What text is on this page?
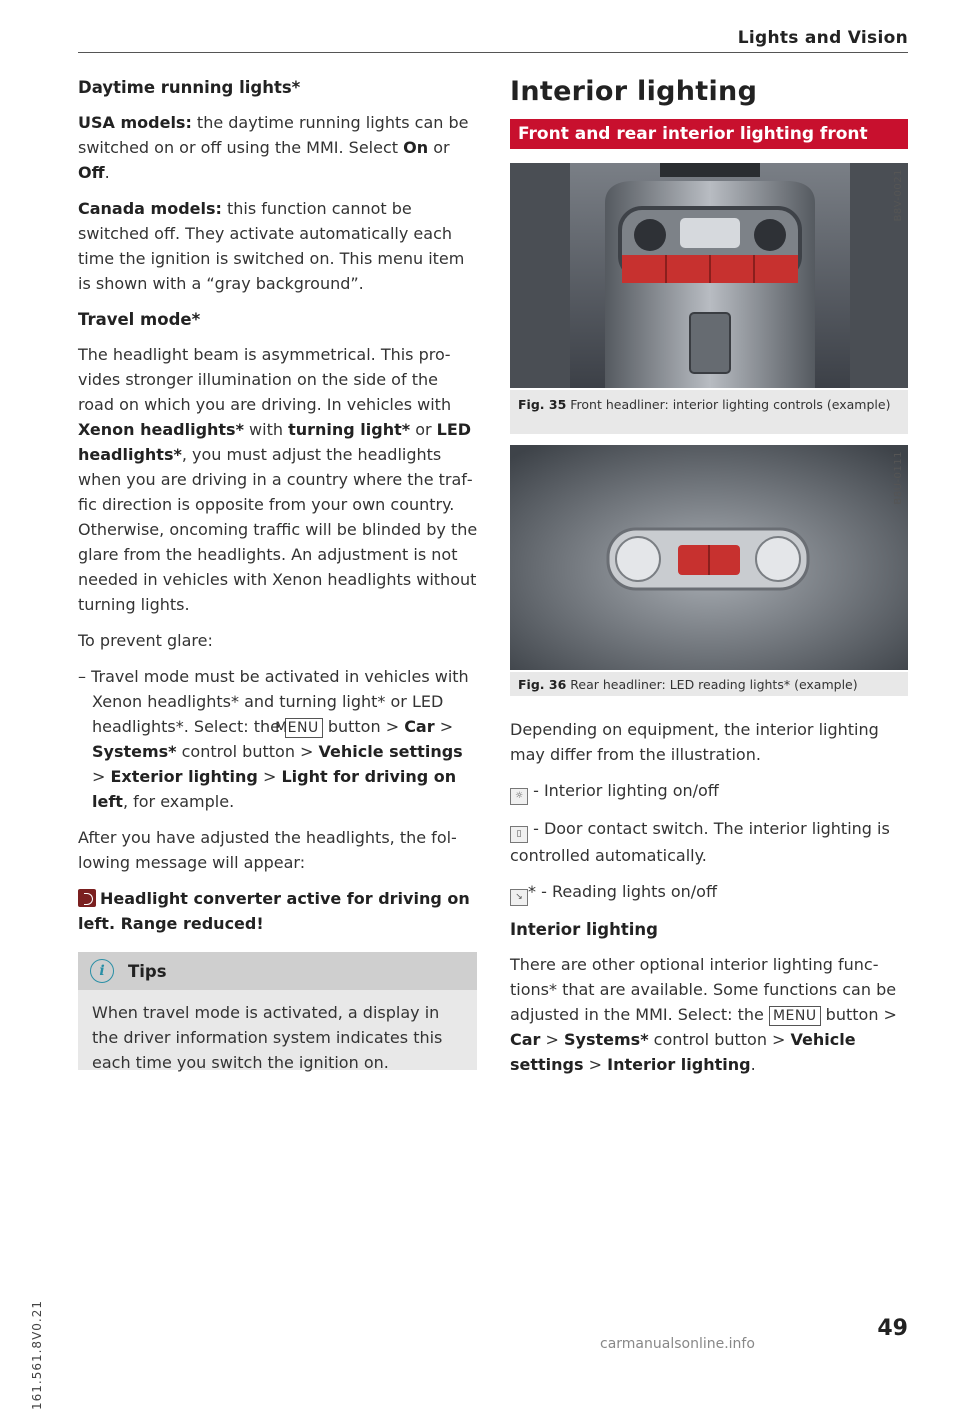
Lights and Vision

Daytime running lights*

USA models: the daytime running lights can be switched on or off using the MMI. Select On or Off.

Canada models: this function cannot be switched off. They activate automatically each time the ignition is switched on. This menu item is shown with a “gray background”.

Travel mode*

The headlight beam is asymmetrical. This provides stronger illumination on the side of the road on which you are driving. In vehicles with Xenon headlights* with turning light* or LED headlights*, you must adjust the headlights when you are driving in a country where the traffic direction is opposite from your own country. Otherwise, oncoming traffic will be blinded by the glare from the headlights. An adjustment is not needed in vehicles with Xenon headlights without turning lights.

To prevent glare:

– Travel mode must be activated in vehicles with Xenon headlights* and turning light* or LED headlights*. Select: the MENU button > Car > Systems* control button > Vehicle settings > Exterior lighting > Light for driving on left, for example.

After you have adjusted the headlights, the following message will appear:

Headlight converter active for driving on left. Range reduced!

i	Tips
When travel mode is activated, a display in the driver information system indicates this each time you switch the ignition on.
Interior lighting
Front and rear interior lighting front
B8V-0021
Fig. 35 Front headliner: interior lighting controls (example)
B8U-0111
Fig. 36 Rear headliner: LED reading lights* (example)

Depending on equipment, the interior lighting may differ from the illustration.

☼ - Interior lighting on/off

▯ - Door contact switch. The interior lighting is controlled automatically.

↘ * - Reading lights on/off

Interior lighting

There are other optional interior lighting functions* that are available. Some functions can be adjusted in the MMI. Select: the MENU button > Car > Systems* control button > Vehicle settings > Interior lighting.

161.561.8V0.21	49
carmanualsonline.info
